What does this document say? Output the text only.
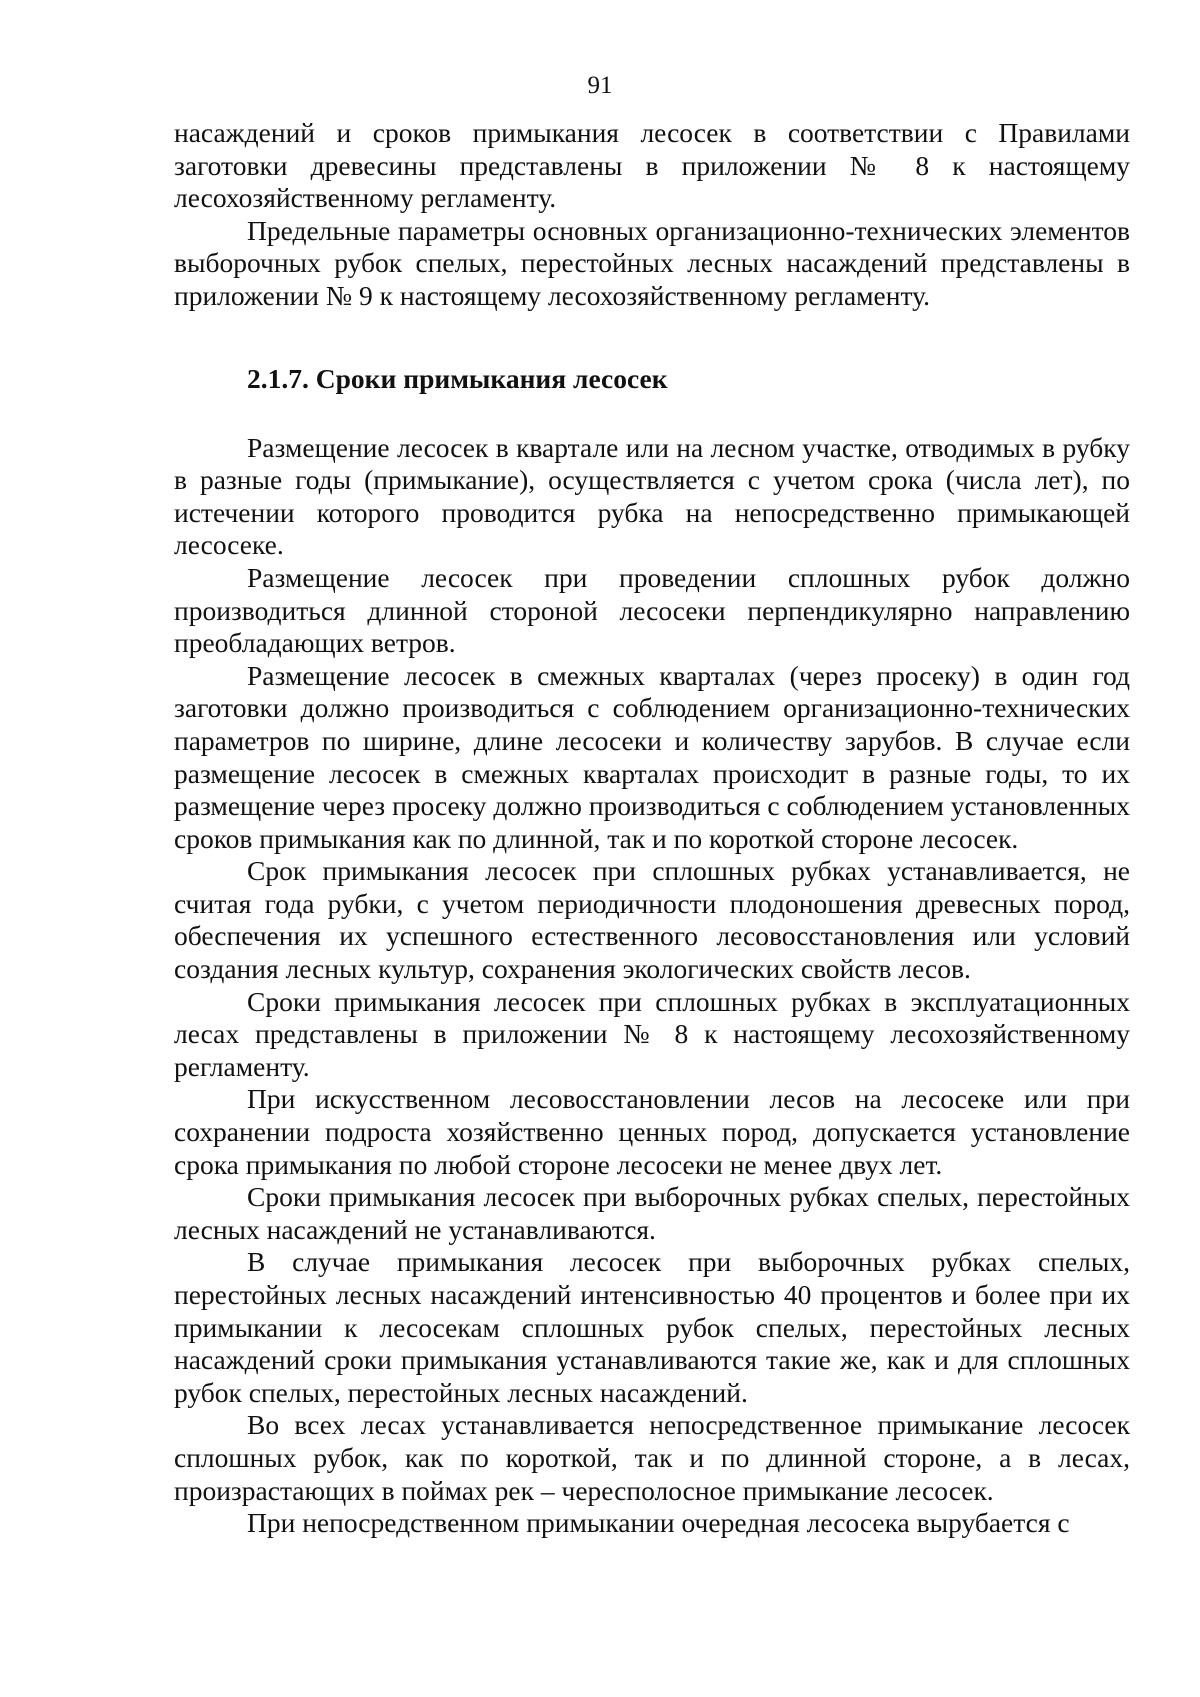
91

насаждений и сроков примыкания лесосек в соответствии с Правилами заготовки древесины представлены в приложении № 8 к настоящему лесохозяйственному регламенту.

Предельные параметры основных организационно-технических элементов выборочных рубок спелых, перестойных лесных насаждений представлены в приложении № 9 к настоящему лесохозяйственному регламенту.

2.1.7. Сроки примыкания лесосек

Размещение лесосек в квартале или на лесном участке, отводимых в рубку в разные годы (примыкание), осуществляется с учетом срока (числа лет), по истечении которого проводится рубка на непосредственно примыкающей лесосеке.

Размещение лесосек при проведении сплошных рубок должно производиться длинной стороной лесосеки перпендикулярно направлению преобладающих ветров.

Размещение лесосек в смежных кварталах (через просеку) в один год заготовки должно производиться с соблюдением организационно-технических параметров по ширине, длине лесосеки и количеству зарубов. В случае если размещение лесосек в смежных кварталах происходит в разные годы, то их размещение через просеку должно производиться с соблюдением установленных сроков примыкания как по длинной, так и по короткой стороне лесосек.

Срок примыкания лесосек при сплошных рубках устанавливается, не считая года рубки, с учетом периодичности плодоношения древесных пород, обеспечения их успешного естественного лесовосстановления или условий создания лесных культур, сохранения экологических свойств лесов.

Сроки примыкания лесосек при сплошных рубках в эксплуатационных лесах представлены в приложении № 8 к настоящему лесохозяйственному регламенту.

При искусственном лесовосстановлении лесов на лесосеке или при сохранении подроста хозяйственно ценных пород, допускается установление срока примыкания по любой стороне лесосеки не менее двух лет.

Сроки примыкания лесосек при выборочных рубках спелых, перестойных лесных насаждений не устанавливаются.

В случае примыкания лесосек при выборочных рубках спелых, перестойных лесных насаждений интенсивностью 40 процентов и более при их примыкании к лесосекам сплошных рубок спелых, перестойных лесных насаждений сроки примыкания устанавливаются такие же, как и для сплошных рубок спелых, перестойных лесных насаждений.

Во всех лесах устанавливается непосредственное примыкание лесосек сплошных рубок, как по короткой, так и по длинной стороне, а в лесах, произрастающих в поймах рек – чересполосное примыкание лесосек.

При непосредственном примыкании очередная лесосека вырубается с
